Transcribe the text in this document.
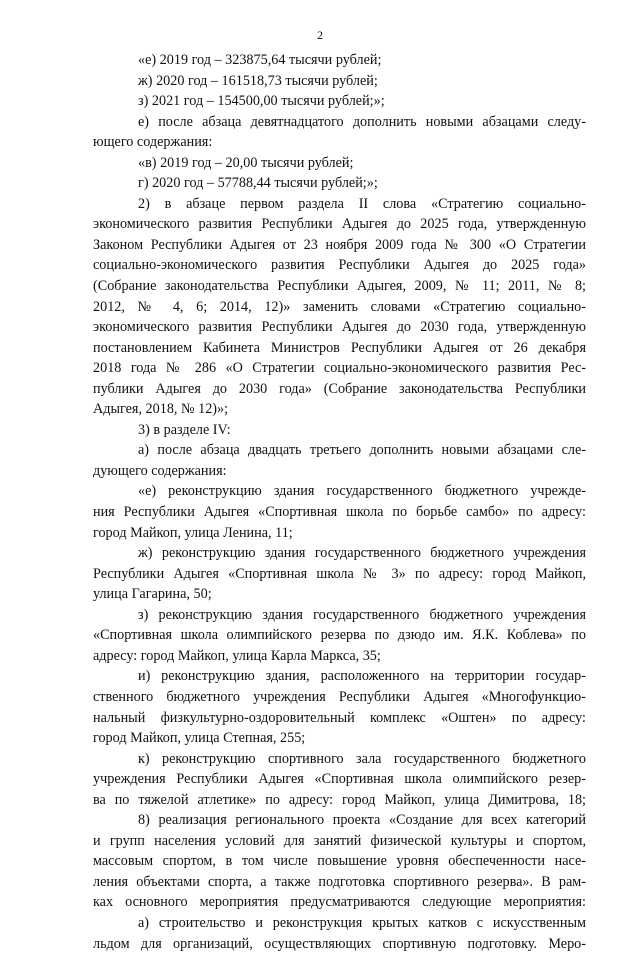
2
«е) 2019 год – 323875,64 тысячи рублей;
ж) 2020 год – 161518,73 тысячи рублей;
з) 2021 год – 154500,00 тысячи рублей;»;
е) после абзаца девятнадцатого дополнить новыми абзацами следу-
ющего содержания:
«в) 2019 год – 20,00 тысячи рублей;
г) 2020 год – 57788,44 тысячи рублей;»;
2) в абзаце первом раздела II слова «Стратегию социально-
экономического развития Республики Адыгея до 2025 года, утвержденную
Законом Республики Адыгея от 23 ноября 2009 года № 300 «О Стратегии
социально-экономического развития Республики Адыгея до 2025 года»
(Собрание законодательства Республики Адыгея, 2009, № 11; 2011, № 8;
2012, № 4, 6; 2014, 12)» заменить словами «Стратегию социально-
экономического развития Республики Адыгея до 2030 года, утвержденную
постановлением Кабинета Министров Республики Адыгея от 26 декабря
2018 года № 286 «О Стратегии социально-экономического развития Рес-
публики Адыгея до 2030 года» (Собрание законодательства Республики
Адыгея, 2018, № 12)»;
3) в разделе IV:
а) после абзаца двадцать третьего дополнить новыми абзацами сле-
дующего содержания:
«е) реконструкцию здания государственного бюджетного учрежде-
ния Республики Адыгея «Спортивная школа по борьбе самбо» по адресу:
город Майкоп, улица Ленина, 11;
ж) реконструкцию здания государственного бюджетного учреждения
Республики Адыгея «Спортивная школа № 3» по адресу: город Майкоп,
улица Гагарина, 50;
з) реконструкцию здания государственного бюджетного учреждения
«Спортивная школа олимпийского резерва по дзюдо им. Я.К. Коблева» по
адресу: город Майкоп, улица Карла Маркса, 35;
и) реконструкцию здания, расположенного на территории государ-
ственного бюджетного учреждения Республики Адыгея «Многофункцио-
нальный физкультурно-оздоровительный комплекс «Оштен» по адресу:
город Майкоп, улица Степная, 255;
к) реконструкцию спортивного зала государственного бюджетного
учреждения Республики Адыгея «Спортивная школа олимпийского резер-
ва по тяжелой атлетике» по адресу: город Майкоп, улица Димитрова, 18;
8) реализация регионального проекта «Создание для всех категорий
и групп населения условий для занятий физической культуры и спортом,
массовым спортом, в том числе повышение уровня обеспеченности насе-
ления объектами спорта, а также подготовка спортивного резерва». В рам-
ках основного мероприятия предусматриваются следующие мероприятия:
а) строительство и реконструкция крытых катков с искусственным
льдом для организаций, осуществляющих спортивную подготовку. Меро-
